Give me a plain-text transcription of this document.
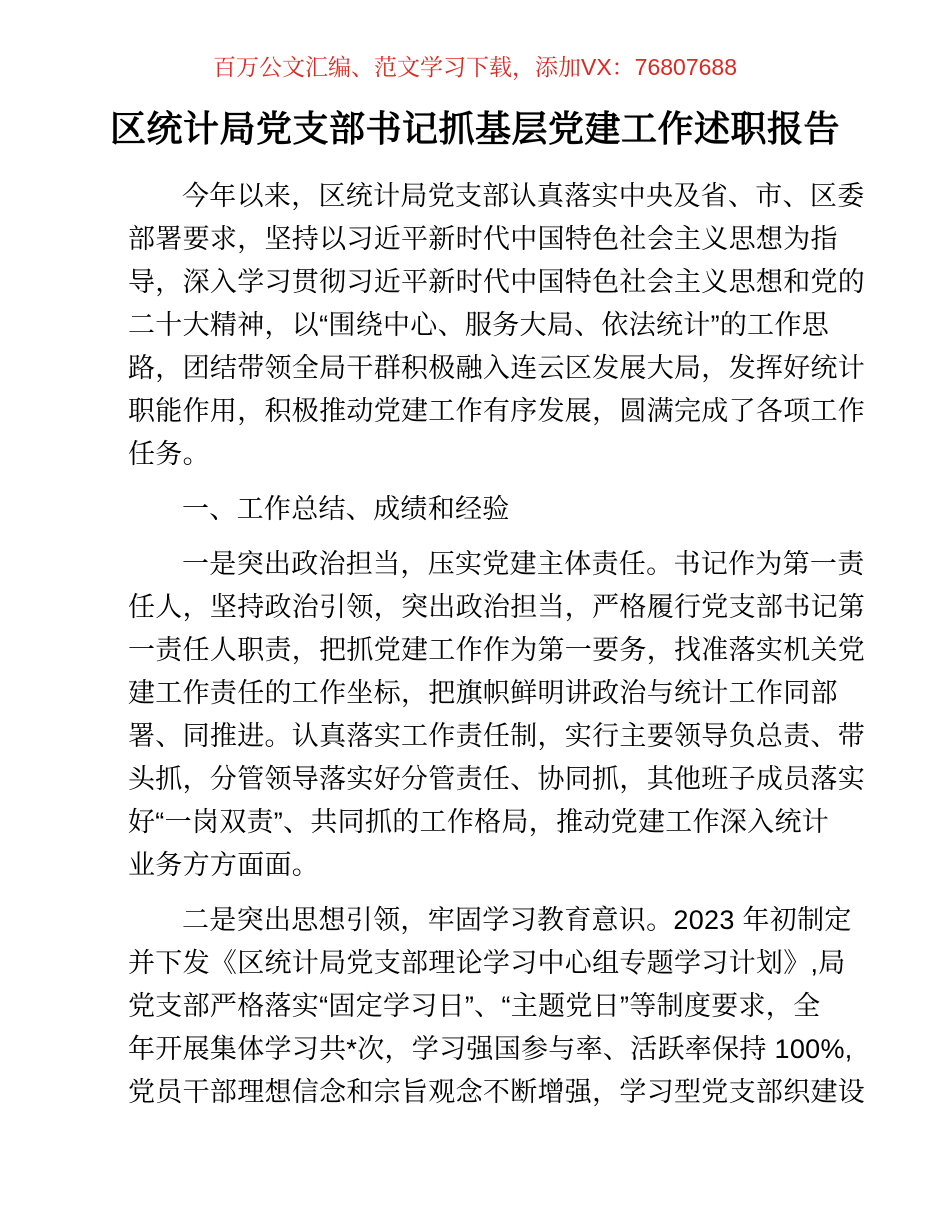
百万公文汇编、范文学习下载，添加VX：76807688
区统计局党支部书记抓基层党建工作述职报告
今年以来，区统计局党支部认真落实中央及省、市、区委
部署要求，坚持以习近平新时代中国特色社会主义思想为指
导，深入学习贯彻习近平新时代中国特色社会主义思想和党的
二十大精神，以“围绕中心、服务大局、依法统计”的工作思
路，团结带领全局干群积极融入连云区发展大局，发挥好统计
职能作用，积极推动党建工作有序发展，圆满完成了各项工作
任务。
一、工作总结、成绩和经验
一是突出政治担当，压实党建主体责任。书记作为第一责
任人，坚持政治引领，突出政治担当，严格履行党支部书记第
一责任人职责，把抓党建工作作为第一要务，找准落实机关党
建工作责任的工作坐标，把旗帜鲜明讲政治与统计工作同部
署、同推进。认真落实工作责任制，实行主要领导负总责、带
头抓，分管领导落实好分管责任、协同抓，其他班子成员落实
好“一岗双责”、共同抓的工作格局，推动党建工作深入统计
业务方方面面。
二是突出思想引领，牢固学习教育意识。2023 年初制定
并下发《区统计局党支部理论学习中心组专题学习计划》,局
党支部严格落实“固定学习日”、“主题党日”等制度要求，全
年开展集体学习共*次，学习强国参与率、活跃率保持 100%,
党员干部理想信念和宗旨观念不断增强，学习型党支部织建设
